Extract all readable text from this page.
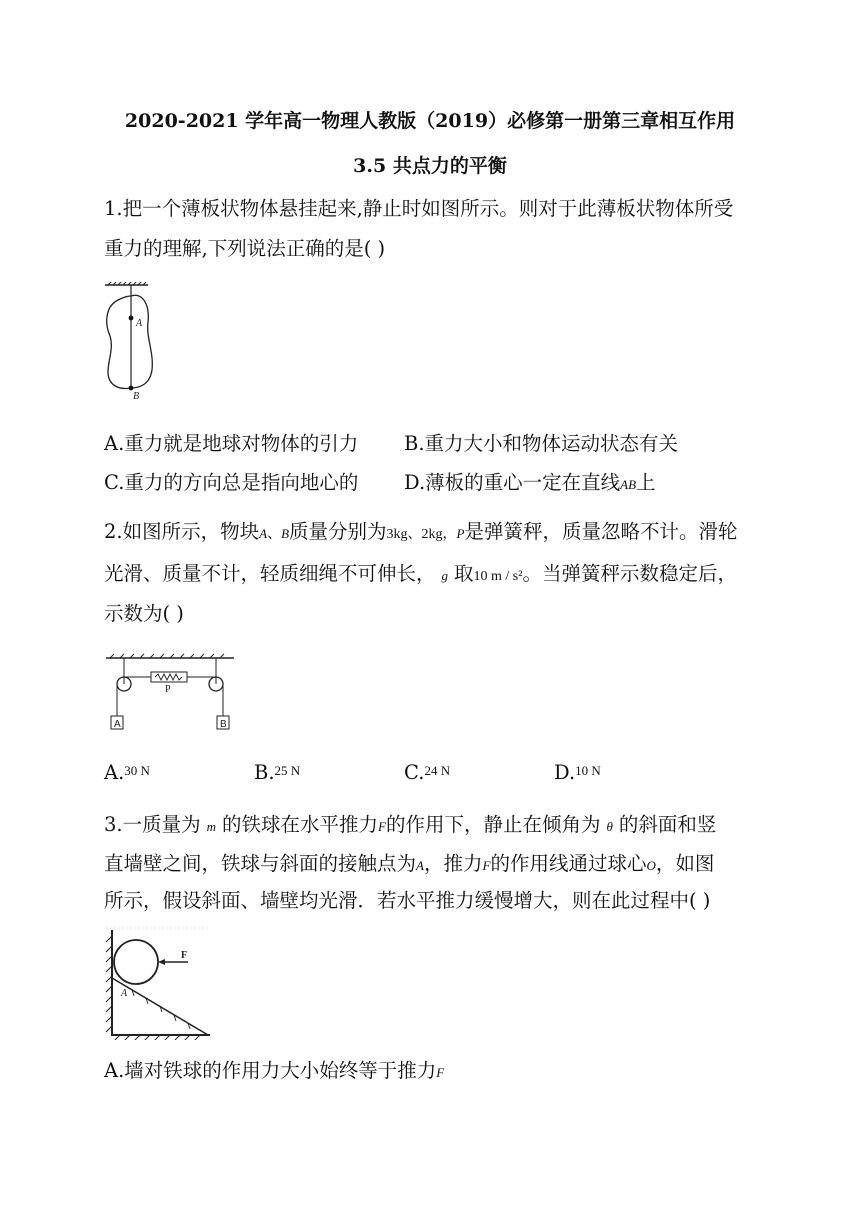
2020-2021 学年高一物理人教版（2019）必修第一册第三章相互作用
3.5 共点力的平衡
1.把一个薄板状物体悬挂起来,静止时如图所示。则对于此薄板状物体所受
重力的理解,下列说法正确的是( )
A
B
A.重力就是地球对物体的引力 B.重力大小和物体运动状态有关
C.重力的方向总是指向地心的 D.薄板的重心一定在直线AB上
2.如图所示，物块A、B质量分别为3kg、2kg，P是弹簧秤，质量忽略不计。滑轮
光滑、质量不计，轻质细绳不可伸长， g 取10 m / s²。当弹簧秤示数稳定后，
示数为( )
P
A	B
A.$^{30 N}$	B.$^{25 N}$	C.$^{24 N}$	D.$^{10 N}$
3.一质量为 m 的铁球在水平推力F的作用下，静止在倾角为 θ 的斜面和竖
直墙壁之间，铁球与斜面的接触点为A，推力F的作用线通过球心O，如图
所示，假设斜面、墙壁均光滑．若水平推力缓慢增大，则在此过程中( )
F
A
A.墙对铁球的作用力大小始终等于推力F
